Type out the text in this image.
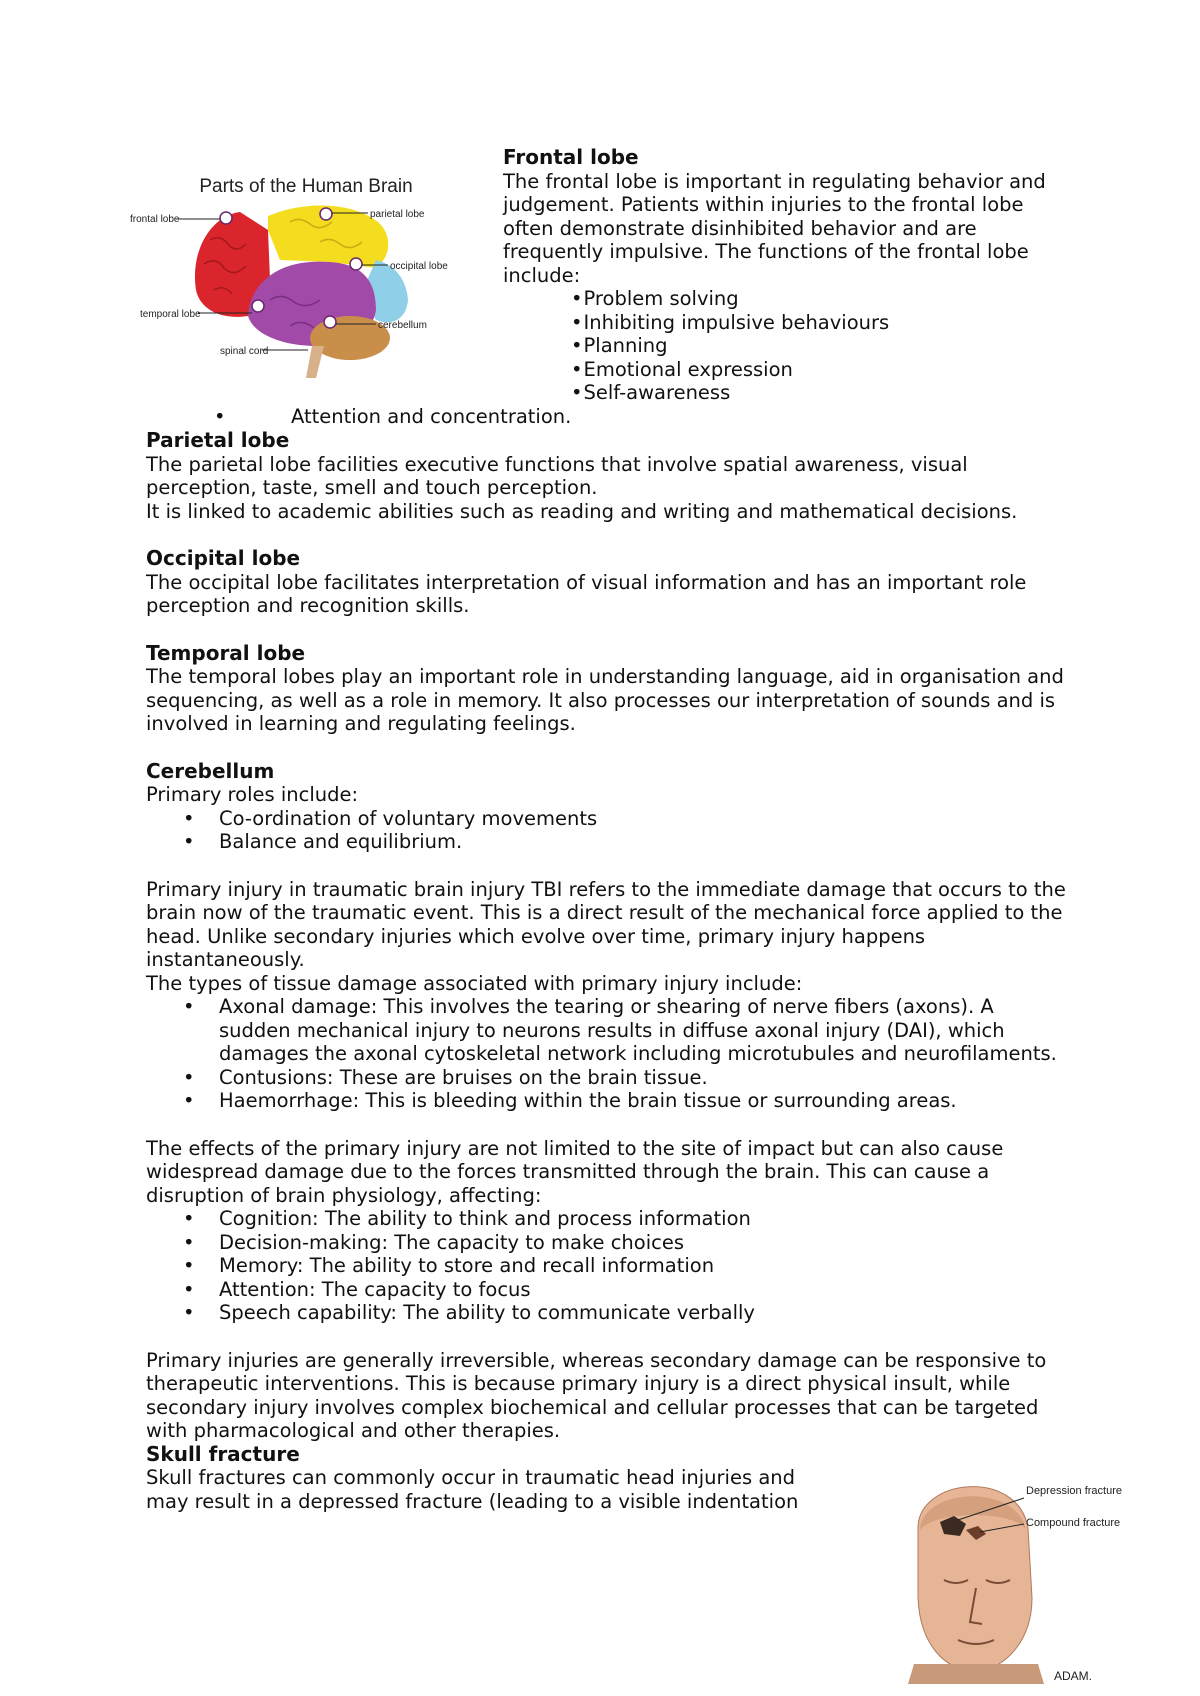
Parts of the Human Brain
frontal lobe	parietal lobe
occipital lobe
temporal lobe
cerebellum
spinal cord

Frontal lobe

The frontal lobe is important in regulating behavior and judgement. Patients within injuries to the frontal lobe often demonstrate disinhibited behavior and are frequently impulsive. The functions of the frontal lobe include:

•Problem solving
•Inhibiting impulsive behaviours
•Planning
•Emotional expression
•Self-awareness
•	Attention and concentration.

Parietal lobe

The parietal lobe facilities executive functions that involve spatial awareness, visual perception, taste, smell and touch perception.

It is linked to academic abilities such as reading and writing and mathematical decisions.

Occipital lobe

The occipital lobe facilitates interpretation of visual information and has an important role perception and recognition skills.

Temporal lobe

The temporal lobes play an important role in understanding language, aid in organisation and sequencing, as well as a role in memory. It also processes our interpretation of sounds and is involved in learning and regulating feelings.

Cerebellum

Primary roles include:

• Co-ordination of voluntary movements
• Balance and equilibrium.

Primary injury in traumatic brain injury TBI refers to the immediate damage that occurs to the brain now of the traumatic event. This is a direct result of the mechanical force applied to the head. Unlike secondary injuries which evolve over time, primary injury happens instantaneously.

The types of tissue damage associated with primary injury include:

• Axonal damage: This involves the tearing or shearing of nerve fibers (axons). A sudden mechanical injury to neurons results in diffuse axonal injury (DAI), which damages the axonal cytoskeletal network including microtubules and neurofilaments.
• Contusions: These are bruises on the brain tissue.
• Haemorrhage: This is bleeding within the brain tissue or surrounding areas.

The effects of the primary injury are not limited to the site of impact but can also cause widespread damage due to the forces transmitted through the brain. This can cause a disruption of brain physiology, affecting:

• Cognition: The ability to think and process information
• Decision-making: The capacity to make choices
• Memory: The ability to store and recall information
• Attention: The capacity to focus
• Speech capability: The ability to communicate verbally

Primary injuries are generally irreversible, whereas secondary damage can be responsive to therapeutic interventions. This is because primary injury is a direct physical insult, while secondary injury involves complex biochemical and cellular processes that can be targeted with pharmacological and other therapies.

Skull fracture

Skull fractures can commonly occur in traumatic head injuries and may result in a depressed fracture (leading to a visible indentation	Depression fracture
Compound fracture
ADAM.
